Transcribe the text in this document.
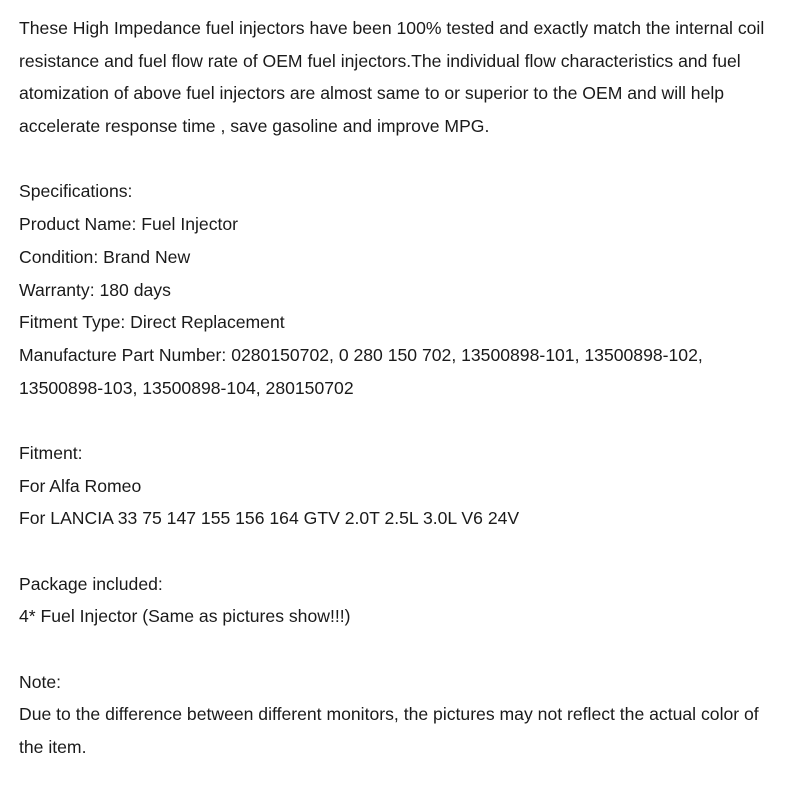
These High Impedance fuel injectors have been 100% tested and exactly match the internal coil
resistance and fuel flow rate of OEM fuel injectors.The individual flow characteristics and fuel
atomization of above fuel injectors are almost same to or superior to the OEM and will help
accelerate response time , save gasoline and improve MPG.
Specifications:
Product Name: Fuel Injector
Condition: Brand New
Warranty: 180 days
Fitment Type: Direct Replacement
Manufacture Part Number: 0280150702, 0 280 150 702, 13500898-101, 13500898-102,
13500898-103, 13500898-104, 280150702
Fitment:
For Alfa Romeo
For LANCIA 33 75 147 155 156 164 GTV 2.0T 2.5L 3.0L V6 24V
Package included:
4* Fuel Injector (Same as pictures show!!!)
Note:
Due to the difference between different monitors, the pictures may not reflect the actual color of
the item.
